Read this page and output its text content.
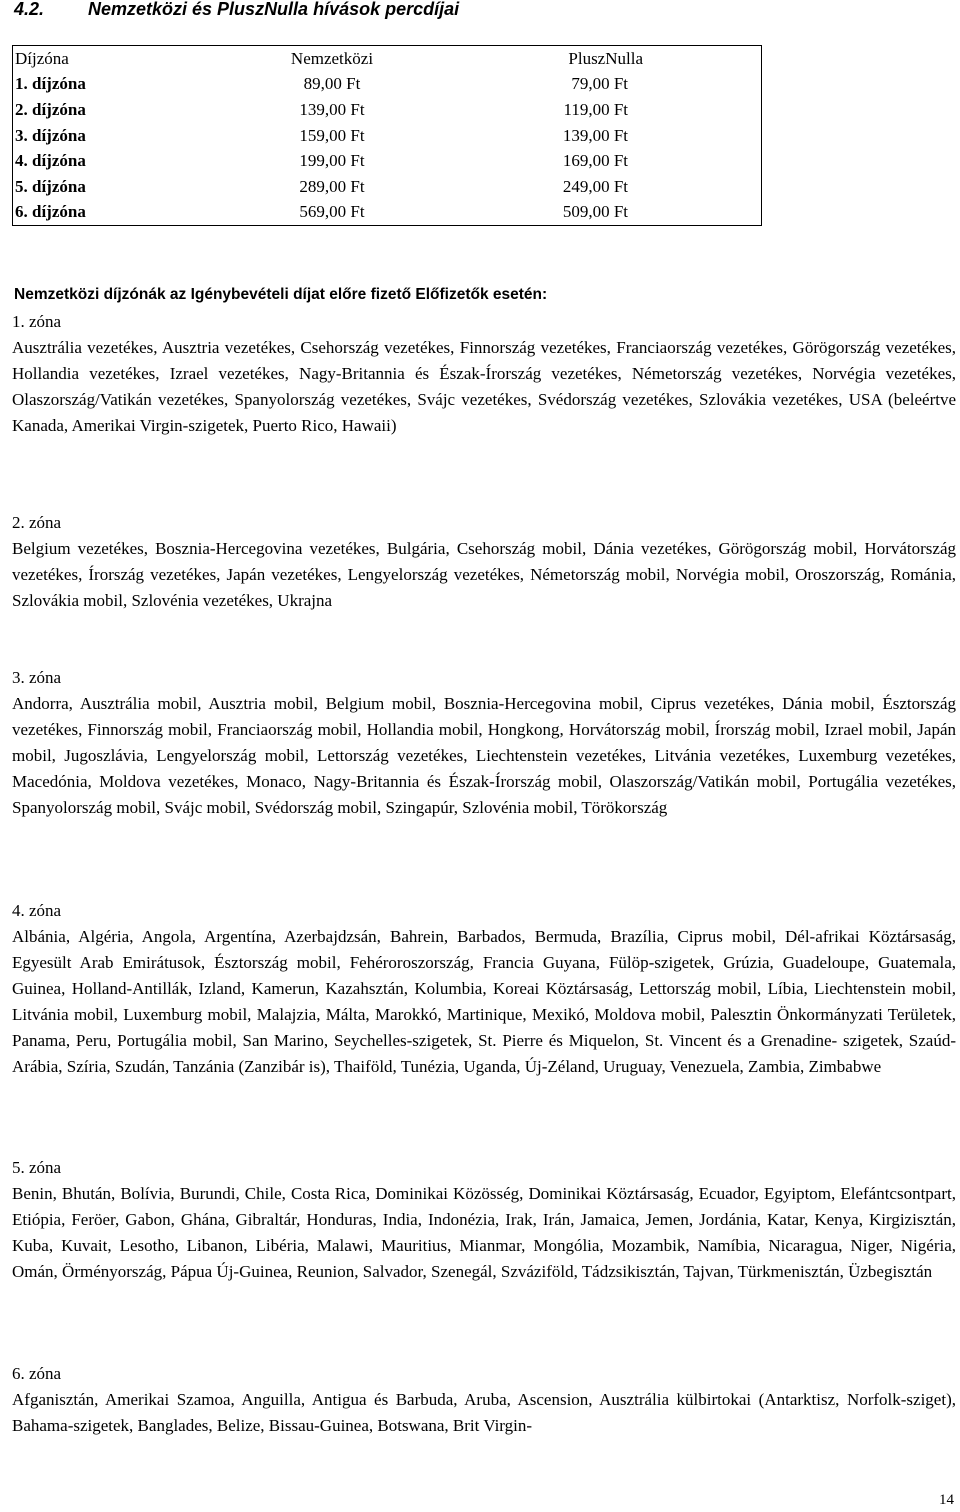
4.2. Nemzetközi és PluszNulla hívások percdíjai
Díjzóna	Nemzetközi	PluszNulla
1. díjzóna	89,00 Ft	79,00 Ft
2. díjzóna	139,00 Ft	119,00 Ft
3. díjzóna	159,00 Ft	139,00 Ft
4. díjzóna	199,00 Ft	169,00 Ft
5. díjzóna	289,00 Ft	249,00 Ft
6. díjzóna	569,00 Ft	509,00 Ft

Nemzetközi díjzónák az Igénybevételi díjat előre fizető Előfizetők esetén:

1. zóna

Ausztrália vezetékes, Ausztria vezetékes, Csehország vezetékes, Finnország vezetékes, Franciaország vezetékes, Görögország vezetékes, Hollandia vezetékes, Izrael vezetékes, Nagy-Britannia és Észak-Írország vezetékes, Németország vezetékes, Norvégia vezetékes, Olaszország/Vatikán vezetékes, Spanyolország vezetékes, Svájc vezetékes, Svédország vezetékes, Szlovákia vezetékes, USA (beleértve Kanada, Amerikai Virgin-szigetek, Puerto Rico, Hawaii)

2. zóna

Belgium vezetékes, Bosznia-Hercegovina vezetékes, Bulgária, Csehország mobil, Dánia vezetékes, Görögország mobil, Horvátország vezetékes, Írország vezetékes, Japán vezetékes, Lengyelország vezetékes, Németország mobil, Norvégia mobil, Oroszország, Románia, Szlovákia mobil, Szlovénia vezetékes, Ukrajna

3. zóna

Andorra, Ausztrália mobil, Ausztria mobil, Belgium mobil, Bosznia-Hercegovina mobil, Ciprus vezetékes, Dánia mobil, Észtország vezetékes, Finnország mobil, Franciaország mobil, Hollandia mobil, Hongkong, Horvátország mobil, Írország mobil, Izrael mobil, Japán mobil, Jugoszlávia, Lengyelország mobil, Lettország vezetékes, Liechtenstein vezetékes, Litvánia vezetékes, Luxemburg vezetékes, Macedónia, Moldova vezetékes, Monaco, Nagy-Britannia és Észak-Írország mobil, Olaszország/Vatikán mobil, Portugália vezetékes, Spanyolország mobil, Svájc mobil, Svédország mobil, Szingapúr, Szlovénia mobil, Törökország

4. zóna

Albánia, Algéria, Angola, Argentína, Azerbajdzsán, Bahrein, Barbados, Bermuda, Brazília, Ciprus mobil, Dél-afrikai Köztársaság, Egyesült Arab Emirátusok, Észtország mobil, Fehéroroszország, Francia Guyana, Fülöp-szigetek, Grúzia, Guadeloupe, Guatemala, Guinea, Holland-Antillák, Izland, Kamerun, Kazahsztán, Kolumbia, Koreai Köztársaság, Lettország mobil, Líbia, Liechtenstein mobil, Litvánia mobil, Luxemburg mobil, Malajzia, Málta, Marokkó, Martinique, Mexikó, Moldova mobil, Palesztin Önkormányzati Területek, Panama, Peru, Portugália mobil, San Marino, Seychelles-szigetek, St. Pierre és Miquelon, St. Vincent és a Grenadine- szigetek, Szaúd-Arábia, Szíria, Szudán, Tanzánia (Zanzibár is), Thaiföld, Tunézia, Uganda, Új-Zéland, Uruguay, Venezuela, Zambia, Zimbabwe

5. zóna

Benin, Bhután, Bolívia, Burundi, Chile, Costa Rica, Dominikai Közösség, Dominikai Köztársaság, Ecuador, Egyiptom, Elefántcsontpart, Etiópia, Feröer, Gabon, Ghána, Gibraltár, Honduras, India, Indonézia, Irak, Irán, Jamaica, Jemen, Jordánia, Katar, Kenya, Kirgizisztán, Kuba, Kuvait, Lesotho, Libanon, Libéria, Malawi, Mauritius, Mianmar, Mongólia, Mozambik, Namíbia, Nicaragua, Niger, Nigéria, Omán, Örményország, Pápua Új-Guinea, Reunion, Salvador, Szenegál, Szváziföld, Tádzsikisztán, Tajvan, Türkmenisztán, Üzbegisztán

6. zóna

Afganisztán, Amerikai Szamoa, Anguilla, Antigua és Barbuda, Aruba, Ascension, Ausztrália külbirtokai (Antarktisz, Norfolk-sziget), Bahama-szigetek, Banglades, Belize, Bissau-Guinea, Botswana, Brit Virgin-

14
